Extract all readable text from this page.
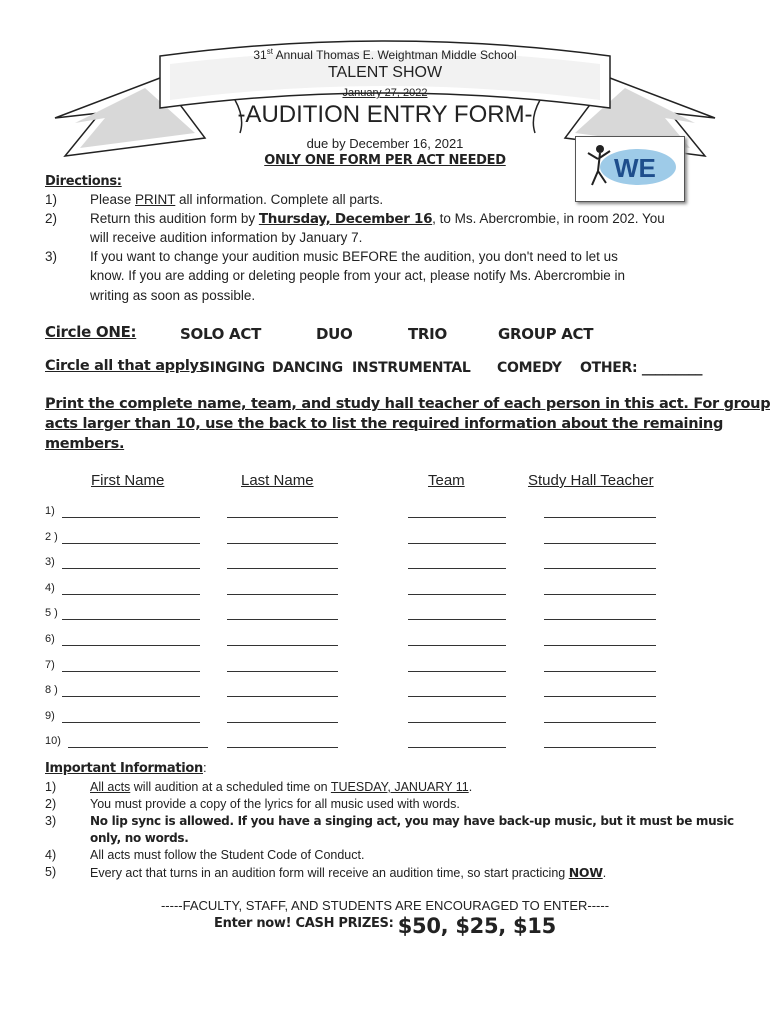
31st Annual Thomas E. Weightman Middle School
TALENT SHOW
January 27, 2022
-AUDITION ENTRY FORM-
due by December 16, 2021
ONLY ONE FORM PER ACT NEEDED	WE
Directions:
1)	Please PRINT all information. Complete all parts.
2)	Return this audition form by Thursday, December 16, to Ms. Abercrombie, in room 202. You
will receive audition information by January 7.
3)	If you want to change your audition music BEFORE the audition, you don't need to let us
know. If you are adding or deleting people from your act, please notify Ms. Abercrombie in
writing as soon as possible.
Circle ONE:	SOLO ACT	DUO	TRIO	GROUP ACT
Circle all that apply:
SINGING DANCING INSTRUMENTAL COMEDY OTHER: _________
Print the complete name, team, and study hall teacher of each person in this act. For group
acts larger than 10, use the back to list the required information about the remaining
members.
First Name	Last Name	Team	Study Hall Teacher
1)
2 )
3)
4)
5 )
6)
7)
8 )
9)
10)
Important Information:
1)	All acts will audition at a scheduled time on TUESDAY, JANUARY 11.
2)	You must provide a copy of the lyrics for all music used with words.
3)	No lip sync is allowed. If you have a singing act, you may have back-up music, but it must be music
only, no words.
4)	All acts must follow the Student Code of Conduct.
5)	Every act that turns in an audition form will receive an audition time, so start practicing NOW.
-----FACULTY, STAFF, AND STUDENTS ARE ENCOURAGED TO ENTER-----
$^{Enter now! CASH PRIZES:}$ $50, $25, $15
